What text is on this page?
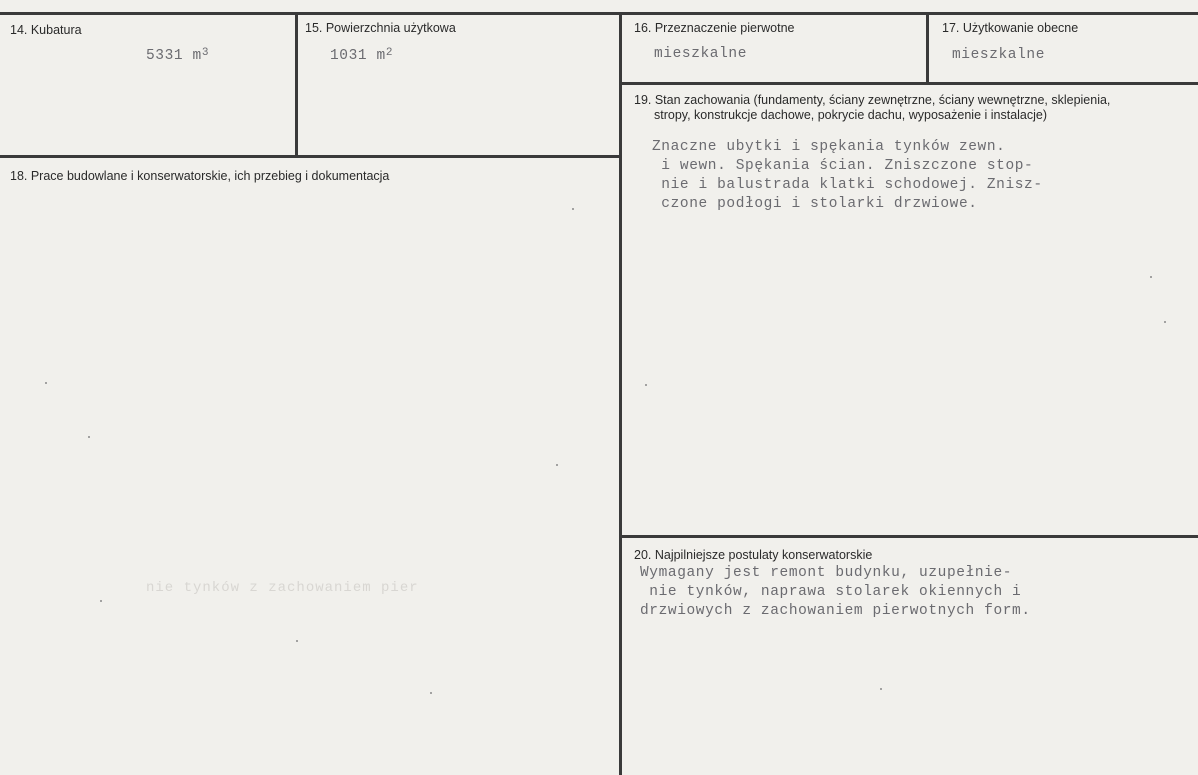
14. Kubatura
5331 $m^3$
15. Powierzchnia użytkowa
1031 $m^2$
16. Przeznaczenie pierwotne
mieszkalne
17. Użytkowanie obecne
mieszkalne
18. Prace budowlane i konserwatorskie, ich przebieg i dokumentacja
nie tynków z zachowaniem pier
19. Stan zachowania (fundamenty, ściany zewnętrzne, ściany wewnętrzne, sklepienia,
stropy, konstrukcje dachowe, pokrycie dachu, wyposażenie i instalacje)
Znaczne ubytki i spękania tynków zewn.
i wewn. Spękania ścian. Zniszczone stop-
nie i balustrada klatki schodowej. Znisz-
czone podłogi i stolarki drzwiowe.
20. Najpilniejsze postulaty konserwatorskie
Wymagany jest remont budynku, uzupełnie-
nie tynków, naprawa stolarek okiennych i
drzwiowych z zachowaniem pierwotnych form.
